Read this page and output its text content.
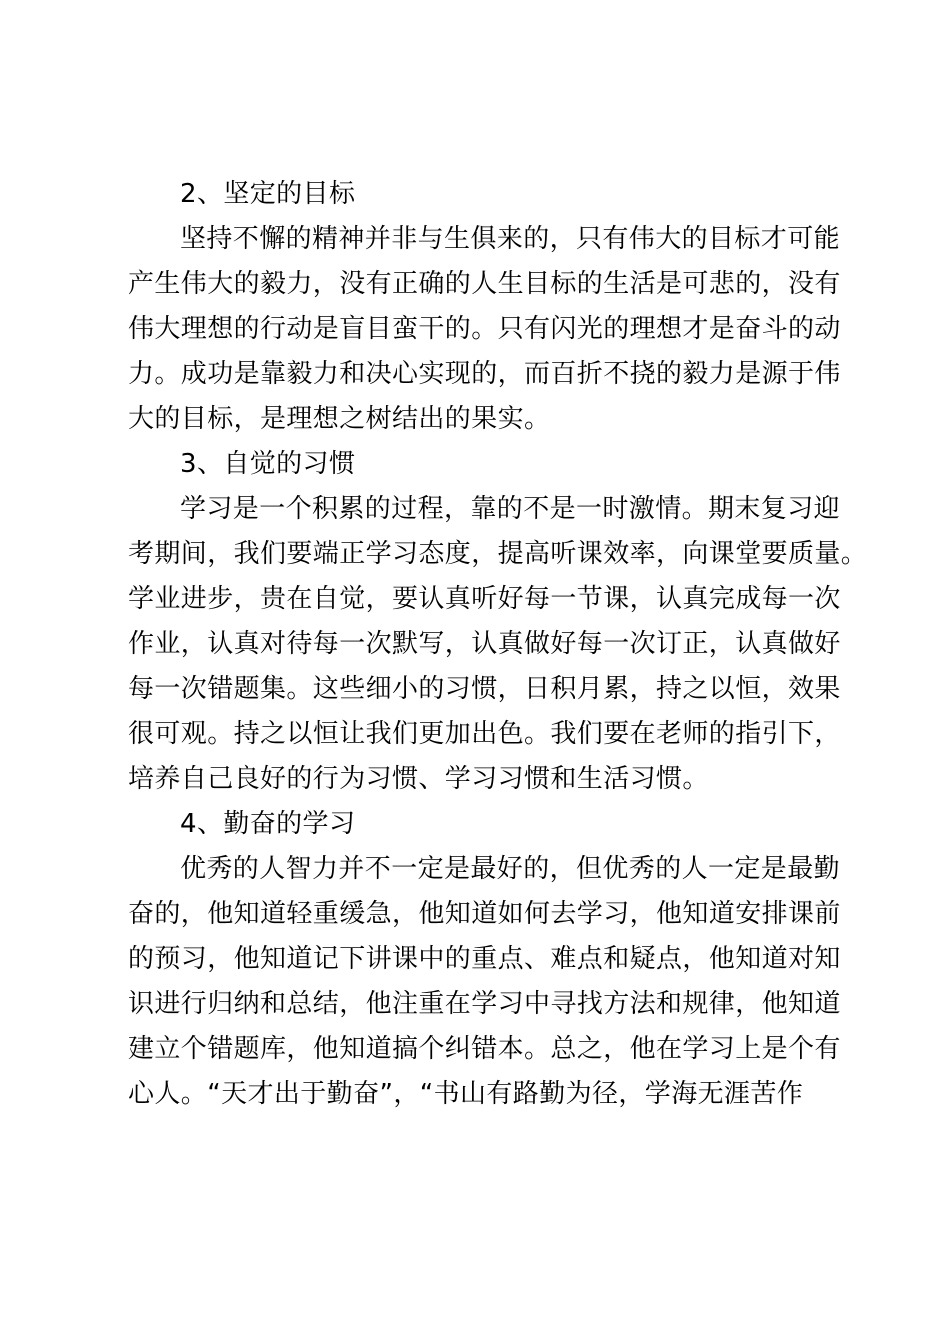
2、坚定的目标

坚持不懈的精神并非与生俱来的，只有伟大的目标才可能
产生伟大的毅力，没有正确的人生目标的生活是可悲的，没有
伟大理想的行动是盲目蛮干的。只有闪光的理想才是奋斗的动
力。成功是靠毅力和决心实现的，而百折不挠的毅力是源于伟
大的目标，是理想之树结出的果实。

3、自觉的习惯

学习是一个积累的过程，靠的不是一时激情。期末复习迎
考期间，我们要端正学习态度，提高听课效率，向课堂要质量。
学业进步，贵在自觉，要认真听好每一节课，认真完成每一次
作业，认真对待每一次默写，认真做好每一次订正，认真做好
每一次错题集。这些细小的习惯，日积月累，持之以恒，效果
很可观。持之以恒让我们更加出色。我们要在老师的指引下，
培养自己良好的行为习惯、学习习惯和生活习惯。

4、勤奋的学习

优秀的人智力并不一定是最好的，但优秀的人一定是最勤
奋的，他知道轻重缓急，他知道如何去学习，他知道安排课前
的预习，他知道记下讲课中的重点、难点和疑点，他知道对知
识进行归纳和总结，他注重在学习中寻找方法和规律，他知道
建立个错题库，他知道搞个纠错本。总之，他在学习上是个有
心人。“天才出于勤奋”，“书山有路勤为径，学海无涯苦作
